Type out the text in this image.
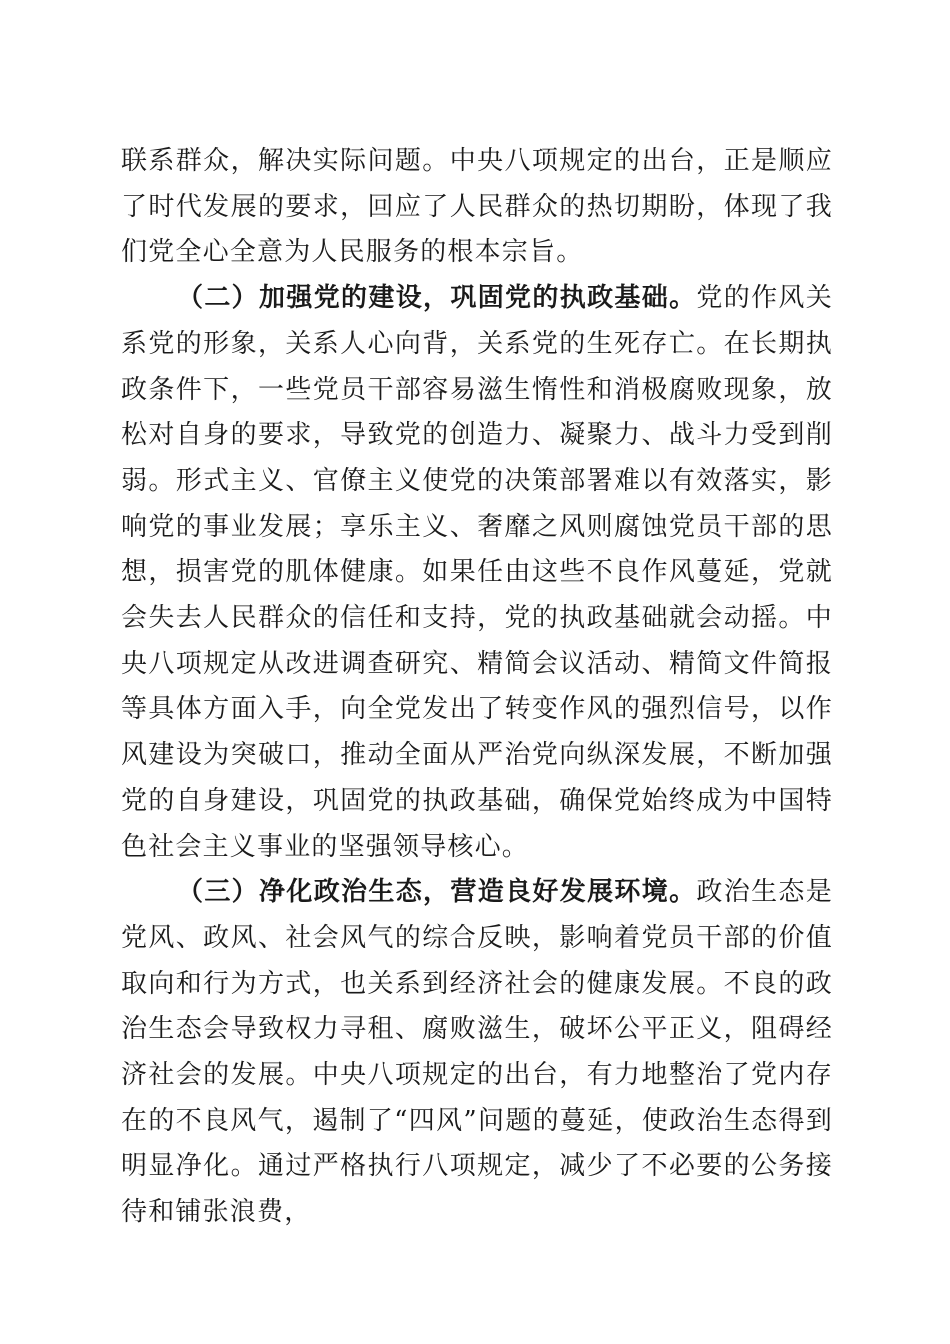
联系群众，解决实际问题。中央八项规定的出台，正是顺应了时代发展的要求，回应了人民群众的热切期盼，体现了我们党全心全意为人民服务的根本宗旨。

（二）加强党的建设，巩固党的执政基础。党的作风关系党的形象，关系人心向背，关系党的生死存亡。在长期执政条件下，一些党员干部容易滋生惰性和消极腐败现象，放松对自身的要求，导致党的创造力、凝聚力、战斗力受到削弱。形式主义、官僚主义使党的决策部署难以有效落实，影响党的事业发展；享乐主义、奢靡之风则腐蚀党员干部的思想，损害党的肌体健康。如果任由这些不良作风蔓延，党就会失去人民群众的信任和支持，党的执政基础就会动摇。中央八项规定从改进调查研究、精简会议活动、精简文件简报等具体方面入手，向全党发出了转变作风的强烈信号，以作风建设为突破口，推动全面从严治党向纵深发展，不断加强党的自身建设，巩固党的执政基础，确保党始终成为中国特色社会主义事业的坚强领导核心。

（三）净化政治生态，营造良好发展环境。政治生态是党风、政风、社会风气的综合反映，影响着党员干部的价值取向和行为方式，也关系到经济社会的健康发展。不良的政治生态会导致权力寻租、腐败滋生，破坏公平正义，阻碍经济社会的发展。中央八项规定的出台，有力地整治了党内存在的不良风气，遏制了“四风”问题的蔓延，使政治生态得到明显净化。通过严格执行八项规定，减少了不必要的公务接待和铺张浪费，
